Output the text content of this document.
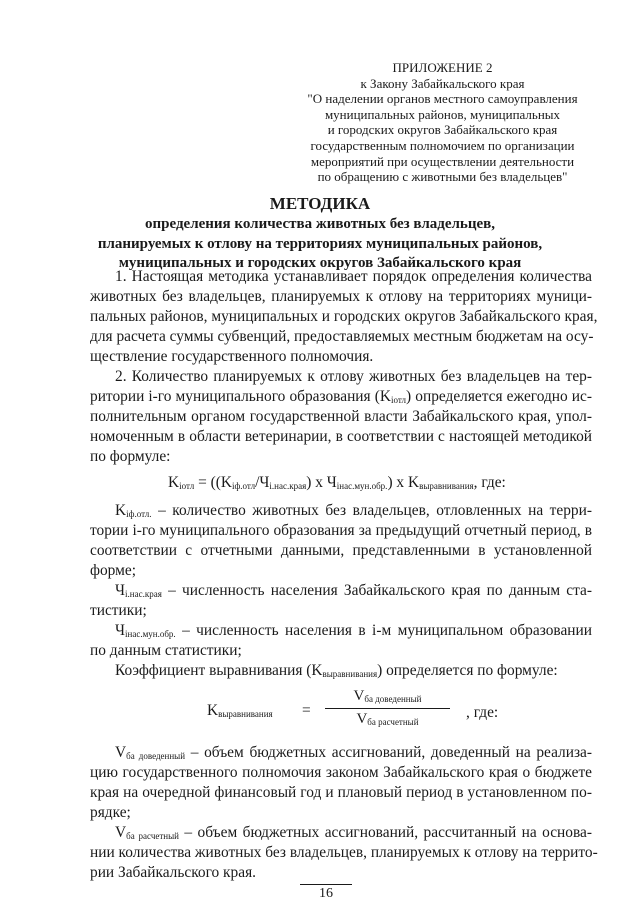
ПРИЛОЖЕНИЕ 2
к Закону Забайкальского края
"О наделении органов местного самоуправления
муниципальных районов, муниципальных
и городских округов Забайкальского края
государственным полномочием по организации
мероприятий при осуществлении деятельности
по обращению с животными без владельцев"
МЕТОДИКА
определения количества животных без владельцев,
планируемых к отлову на территориях муниципальных районов,
муниципальных и городских округов Забайкальского края
1. Настоящая методика устанавливает порядок определения количества
животных без владельцев, планируемых к отлову на территориях муници-
пальных районов, муниципальных и городских округов Забайкальского края,
для расчета суммы субвенций, предоставляемых местным бюджетам на осу-
ществление государственного полномочия.
2. Количество планируемых к отлову животных без владельцев на тер-
ритории i-го муниципального образования $(K_{iотл})$ определяется ежегодно ис-
полнительным органом государственной власти Забайкальского края, упол-
номоченным в области ветеринарии, в соответствии с настоящей методикой
по формуле:
$K_{iотл} = ((K_{iф.отл}/Ч_{i.нас.края})$ x $Ч_{iнас.мун.обр.}$) x $K_{выравнивания}$, где:
$K_{iф.отл.}$ – количество животных без владельцев, отловленных на терри-
тории i-го муниципального образования за предыдущий отчетный период, в
соответствии с отчетными данными, представленными в установленной
форме;
$Ч_{i.нас.края}$ – численность населения Забайкальского края по данным ста-
тистики;
$Ч_{iнас.мун.обр.}$ – численность населения в i-м муниципальном образовании
по данным статистики;
Коэффициент выравнивания $(K_{выравнивания})$ определяется по формуле:
$K_{выравнивания}$ =
$V_{ба доведенный}$
$V_{ба расчетный}$
, где:
$V_{ба доведенный}$ – объем бюджетных ассигнований, доведенный на реализа-
цию государственного полномочия законом Забайкальского края о бюджете
края на очередной финансовый год и плановый период в установленном по-
рядке;
$V_{ба расчетный}$ – объем бюджетных ассигнований, рассчитанный на основа-
нии количества животных без владельцев, планируемых к отлову на террито-
рии Забайкальского края.
16
